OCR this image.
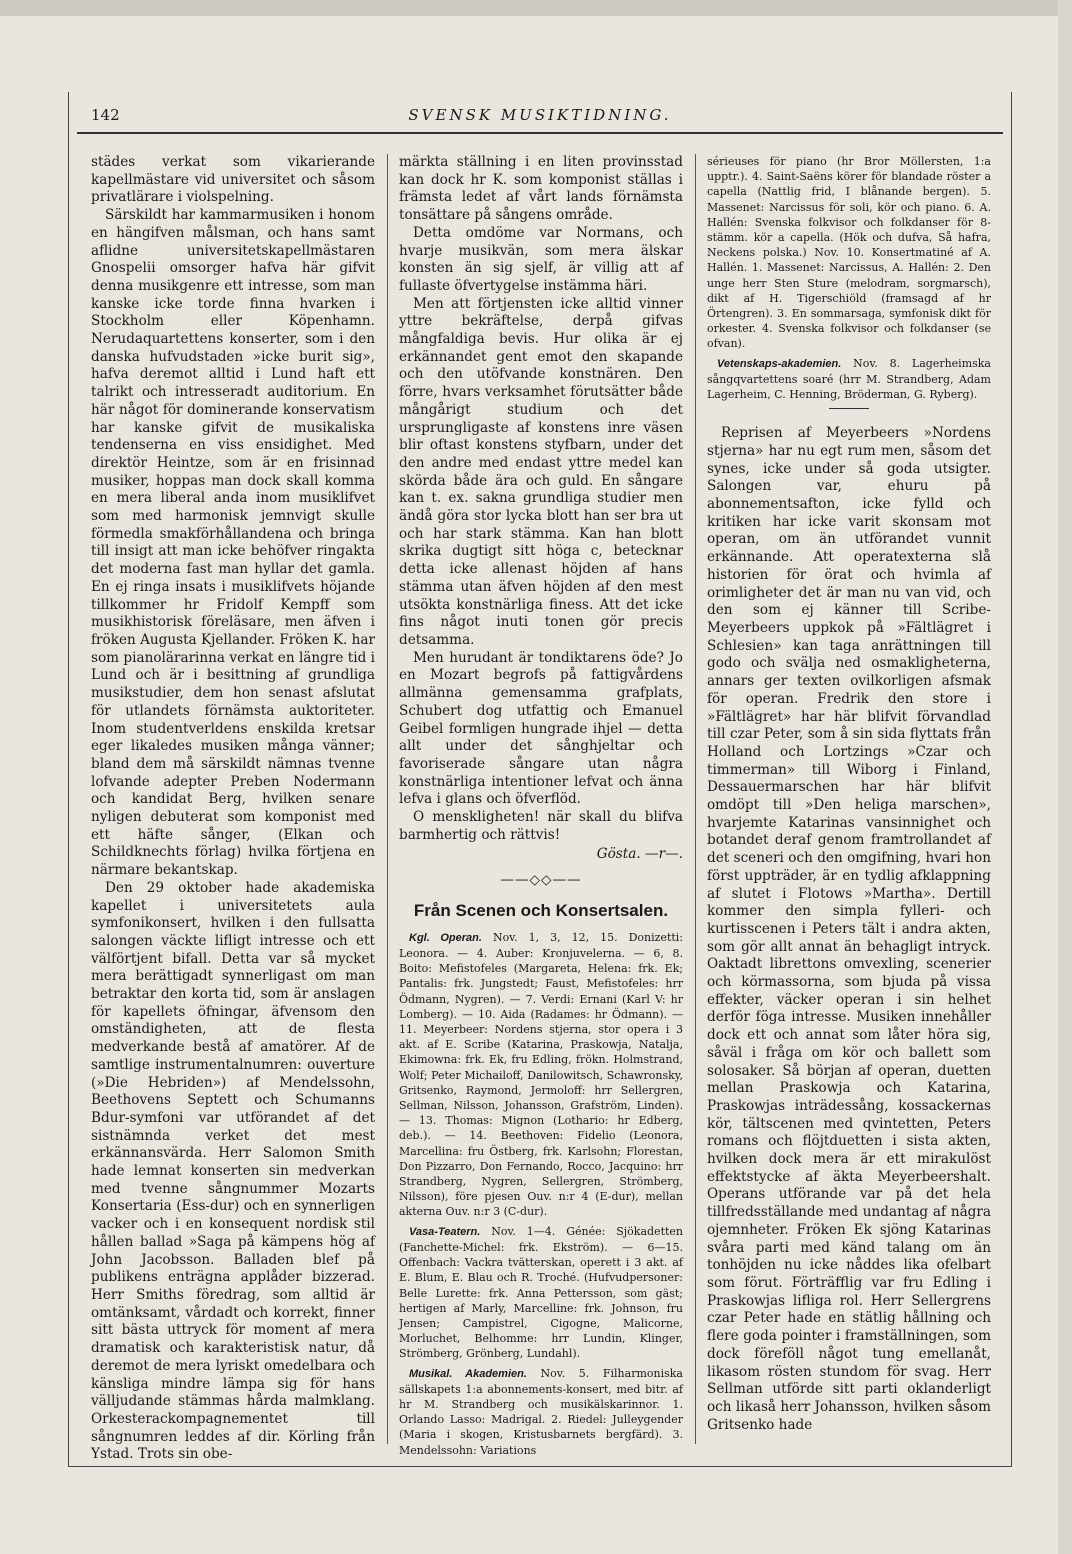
142	SVENSK MUSIKTIDNING.

städes verkat som vikarierande kapellmästare vid universitet och såsom privatlärare i violspelning.

Särskildt har kammarmusiken i honom en hängifven målsman, och hans samt aflidne universitetskapellmästaren Gnospelii omsorger hafva här gifvit denna musikgenre ett intresse, som man kanske icke torde finna hvarken i Stockholm eller Köpenhamn. Nerudaquartettens konserter, som i den danska hufvudstaden »icke burit sig», hafva deremot alltid i Lund haft ett talrikt och intresseradt auditorium. En här något för dominerande konservatism har kanske gifvit de musikaliska tendenserna en viss ensidighet. Med direktör Heintze, som är en frisinnad musiker, hoppas man dock skall komma en mera liberal anda inom musiklifvet som med harmonisk jemnvigt skulle förmedla smakförhållandena och bringa till insigt att man icke behöfver ringakta det moderna fast man hyllar det gamla. En ej ringa insats i musiklifvets höjande tillkommer hr Fridolf Kempff som musikhistorisk föreläsare, men äfven i fröken Augusta Kjellander. Fröken K. har som pianolärarinna verkat en längre tid i Lund och är i besittning af grundliga musikstudier, dem hon senast afslutat för utlandets förnämsta auktoriteter. Inom studentverldens enskilda kretsar eger likaledes musiken många vänner; bland dem må särskildt nämnas tvenne lofvande adepter Preben Nodermann och kandidat Berg, hvilken senare nyligen debuterat som komponist med ett häfte sånger, (Elkan och Schildknechts förlag) hvilka förtjena en närmare bekantskap.

Den 29 oktober hade akademiska kapellet i universitetets aula symfonikonsert, hvilken i den fullsatta salongen väckte lifligt intresse och ett välförtjent bifall. Detta var så mycket mera berättigadt synnerligast om man betraktar den korta tid, som är anslagen för kapellets öfningar, äfvensom den omständigheten, att de flesta medverkande bestå af amatörer. Af de samtlige instrumentalnumren: ouverture (»Die Hebriden») af Mendelssohn, Beethovens Septett och Schumanns Bdur-symfoni var utförandet af det sistnämnda verket det mest erkännansvärda. Herr Salomon Smith hade lemnat konserten sin medverkan med tvenne sångnummer Mozarts Konsertaria (Ess-dur) och en synnerligen vacker och i en konsequent nordisk stil hållen ballad »Saga på kämpens hög af John Jacobsson. Balladen blef på publikens enträgna applåder bizzerad. Herr Smiths föredrag, som alltid är omtänksamt, vårdadt och korrekt, finner sitt bästa uttryck för moment af mera dramatisk och karakteristisk natur, då deremot de mera lyriskt omedelbara och känsliga mindre lämpa sig för hans välljudande stämmas hårda malmklang. Orkesterackompagnementet till sångnumren leddes af dir. Körling från Ystad. Trots sin obe-

märkta ställning i en liten provinsstad kan dock hr K. som komponist ställas i främsta ledet af vårt lands förnämsta tonsättare på sångens område.

Detta omdöme var Normans, och hvarje musikvän, som mera älskar konsten än sig sjelf, är villig att af fullaste öfvertygelse instämma häri.

Men att förtjensten icke alltid vinner yttre bekräftelse, derpå gifvas mångfaldiga bevis. Hur olika är ej erkännandet gent emot den skapande och den utöfvande konstnären. Den förre, hvars verksamhet förutsätter både mångårigt studium och det ursprungligaste af konstens inre väsen blir oftast konstens styfbarn, under det den andre med endast yttre medel kan skörda både ära och guld. En sångare kan t. ex. sakna grundliga studier men ändå göra stor lycka blott han ser bra ut och har stark stämma. Kan han blott skrika dugtigt sitt höga c, betecknar detta icke allenast höjden af hans stämma utan äfven höjden af den mest utsökta konstnärliga finess. Att det icke fins något inuti tonen gör precis detsamma.

Men hurudant är tondiktarens öde? Jo en Mozart begrofs på fattigvårdens allmänna gemensamma grafplats, Schubert dog utfattig och Emanuel Geibel formligen hungrade ihjel — detta allt under det sånghjeltar och favoriserade sångare utan några konstnärliga intentioner lefvat och änna lefva i glans och öfverflöd.

O menskligheten! när skall du blifva barmhertig och rättvis!

Gösta. —r—.
——◇◇——
Från Scenen och Konsertsalen.

Kgl. Operan. Nov. 1, 3, 12, 15. Donizetti: Leonora. — 4. Auber: Kronjuvelerna. — 6, 8. Boito: Mefistofeles (Margareta, Helena: frk. Ek; Pantalis: frk. Jungstedt; Faust, Mefistofeles: hrr Ödmann, Nygren). — 7. Verdi: Ernani (Karl V: hr Lomberg). — 10. Aida (Radames: hr Ödmann). — 11. Meyerbeer: Nordens stjerna, stor opera i 3 akt. af E. Scribe (Katarina, Praskowja, Natalja, Ekimowna: frk. Ek, fru Edling, frökn. Holmstrand, Wolf; Peter Michailoff, Danilowitsch, Schawronsky, Gritsenko, Raymond, Jermoloff: hrr Sellergren, Sellman, Nilsson, Johansson, Grafström, Linden). — 13. Thomas: Mignon (Lothario: hr Edberg, deb.). — 14. Beethoven: Fidelio (Leonora, Marcellina: fru Östberg, frk. Karlsohn; Florestan, Don Pizzarro, Don Fernando, Rocco, Jacquino: hrr Strandberg, Nygren, Sellergren, Strömberg, Nilsson), före pjesen Ouv. n:r 4 (E-dur), mellan akterna Ouv. n:r 3 (C-dur).

Vasa-Teatern. Nov. 1—4. Génée: Sjökadetten (Fanchette-Michel: frk. Ekström). — 6—15. Offenbach: Vackra tvätterskan, operett i 3 akt. af E. Blum, E. Blau och R. Troché. (Hufvudpersoner: Belle Lurette: frk. Anna Pettersson, som gäst; hertigen af Marly, Marcelline: frk. Johnson, fru Jensen; Campistrel, Cigogne, Malicorne, Morluchet, Belhomme: hrr Lundin, Klinger, Strömberg, Grönberg, Lundahl).

Musikal. Akademien. Nov. 5. Filharmoniska sällskapets 1:a abonnements-konsert, med bitr. af hr M. Strandberg och musikälskarinnor. 1. Orlando Lasso: Madrigal. 2. Riedel: Julleygender (Maria i skogen, Kristusbarnets bergfärd). 3. Mendelssohn: Variations

sérieuses för piano (hr Bror Möllersten, 1:a upptr.). 4. Saint-Saëns körer för blandade röster a capella (Nattlig frid, I blånande bergen). 5. Massenet: Narcissus för soli, kör och piano. 6. A. Hallén: Svenska folkvisor och folkdanser för 8-stämm. kör a capella. (Hök och dufva, Så hafra, Neckens polska.) Nov. 10. Konsertmatiné af A. Hallén. 1. Massenet: Narcissus, A. Hallén: 2. Den unge herr Sten Sture (melodram, sorgmarsch), dikt af H. Tigerschiöld (framsagd af hr Örtengren). 3. En sommarsaga, symfonisk dikt för orkester. 4. Svenska folkvisor och folkdanser (se ofvan).

Vetenskaps-akademien. Nov. 8. Lagerheimska sångqvartettens soaré (hrr M. Strandberg, Adam Lagerheim, C. Henning, Bröderman, G. Ryberg).

Reprisen af Meyerbeers »Nordens stjerna» har nu egt rum men, såsom det synes, icke under så goda utsigter. Salongen var, ehuru på abonnementsafton, icke fylld och kritiken har icke varit skonsam mot operan, om än utförandet vunnit erkännande. Att operatexterna slå historien för örat och hvimla af orimligheter det är man nu van vid, och den som ej känner till Scribe-Meyerbeers uppkok på »Fältlägret i Schlesien» kan taga anrättningen till godo och svälja ned osmakligheterna, annars ger texten ovilkorligen afsmak för operan. Fredrik den store i »Fältlägret» har här blifvit förvandlad till czar Peter, som å sin sida flyttats från Holland och Lortzings »Czar och timmerman» till Wiborg i Finland, Dessauermarschen har här blifvit omdöpt till »Den heliga marschen», hvarjemte Katarinas vansinnighet och botandet deraf genom framtrollandet af det sceneri och den omgifning, hvari hon först uppträder, är en tydlig afklappning af slutet i Flotows »Martha». Dertill kommer den simpla fylleri- och kurtisscenen i Peters tält i andra akten, som gör allt annat än behagligt intryck. Oaktadt librettons omvexling, scenerier och körmassorna, som bjuda på vissa effekter, väcker operan i sin helhet derför föga intresse. Musiken innehåller dock ett och annat som låter höra sig, såväl i fråga om kör och ballett som solosaker. Så början af operan, duetten mellan Praskowja och Katarina, Praskowjas inträdessång, kossackernas kör, tältscenen med qvintetten, Peters romans och flöjtduetten i sista akten, hvilken dock mera är ett mirakulöst effektstycke af äkta Meyerbeershalt. Operans utförande var på det hela tillfredsställande med undantag af några ojemnheter. Fröken Ek sjöng Katarinas svåra parti med känd talang om än tonhöjden nu icke nåddes lika ofelbart som förut. Förträfflig var fru Edling i Praskowjas lifliga rol. Herr Sellergrens czar Peter hade en stätlig hållning och flere goda pointer i framställningen, som dock föreföll något tung emellanåt, likasom rösten stundom för svag. Herr Sellman utförde sitt parti oklanderligt och likaså herr Johansson, hvilken såsom Gritsenko hade
